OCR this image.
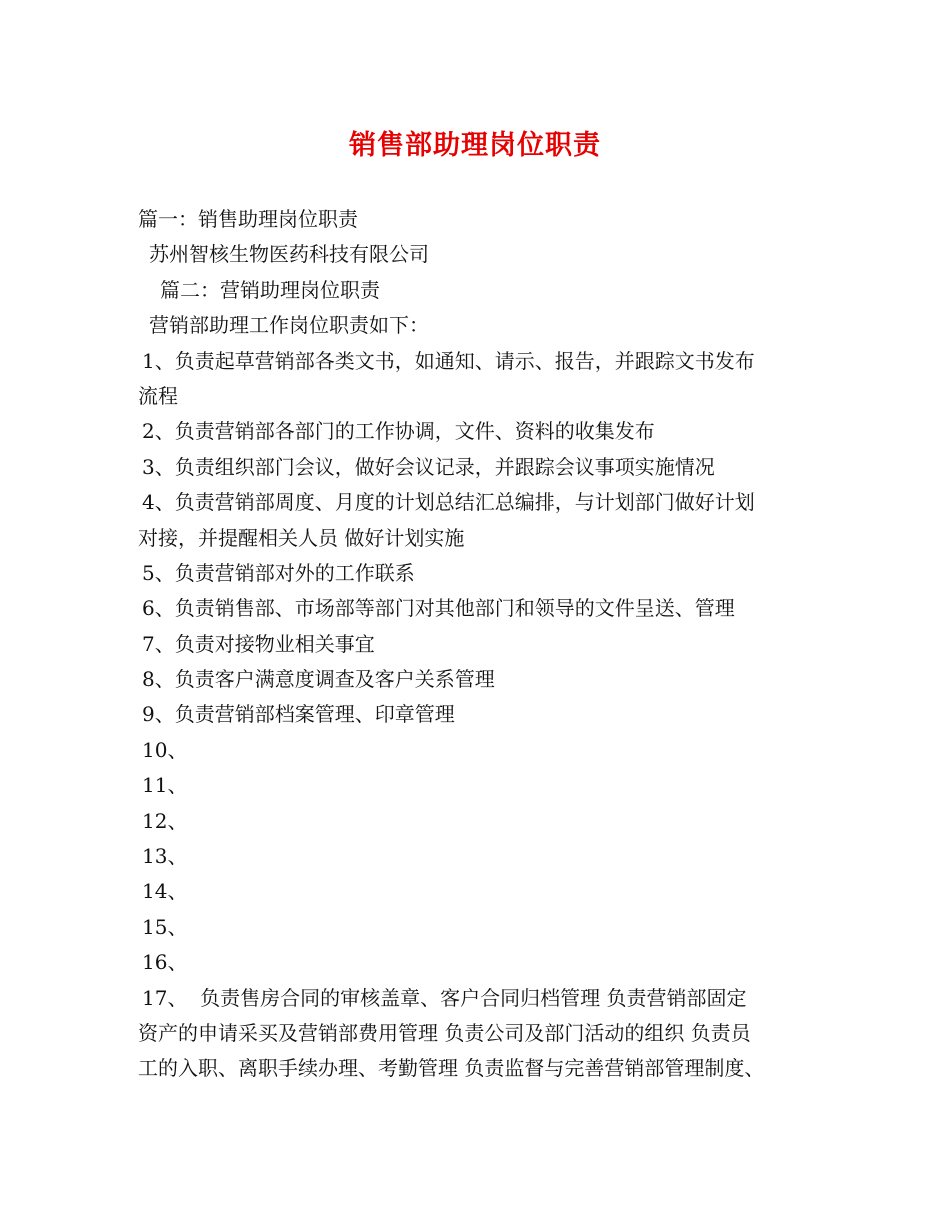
销售部助理岗位职责
篇一：销售助理岗位职责
苏州智核生物医药科技有限公司
篇二：营销助理岗位职责
营销部助理工作岗位职责如下：
1、负责起草营销部各类文书，如通知、请示、报告，并跟踪文书发布
流程
2、负责营销部各部门的工作协调，文件、资料的收集发布
3、负责组织部门会议，做好会议记录，并跟踪会议事项实施情况
4、负责营销部周度、月度的计划总结汇总编排，与计划部门做好计划
对接，并提醒相关人员 做好计划实施
5、负责营销部对外的工作联系
6、负责销售部、市场部等部门对其他部门和领导的文件呈送、管理
7、负责对接物业相关事宜
8、负责客户满意度调查及客户关系管理
9、负责营销部档案管理、印章管理
10、
11、
12、
13、
14、
15、
16、
17、  负责售房合同的审核盖章、客户合同归档管理 负责营销部固定
资产的申请采买及营销部费用管理 负责公司及部门活动的组织 负责员
工的入职、离职手续办理、考勤管理 负责监督与完善营销部管理制度、
